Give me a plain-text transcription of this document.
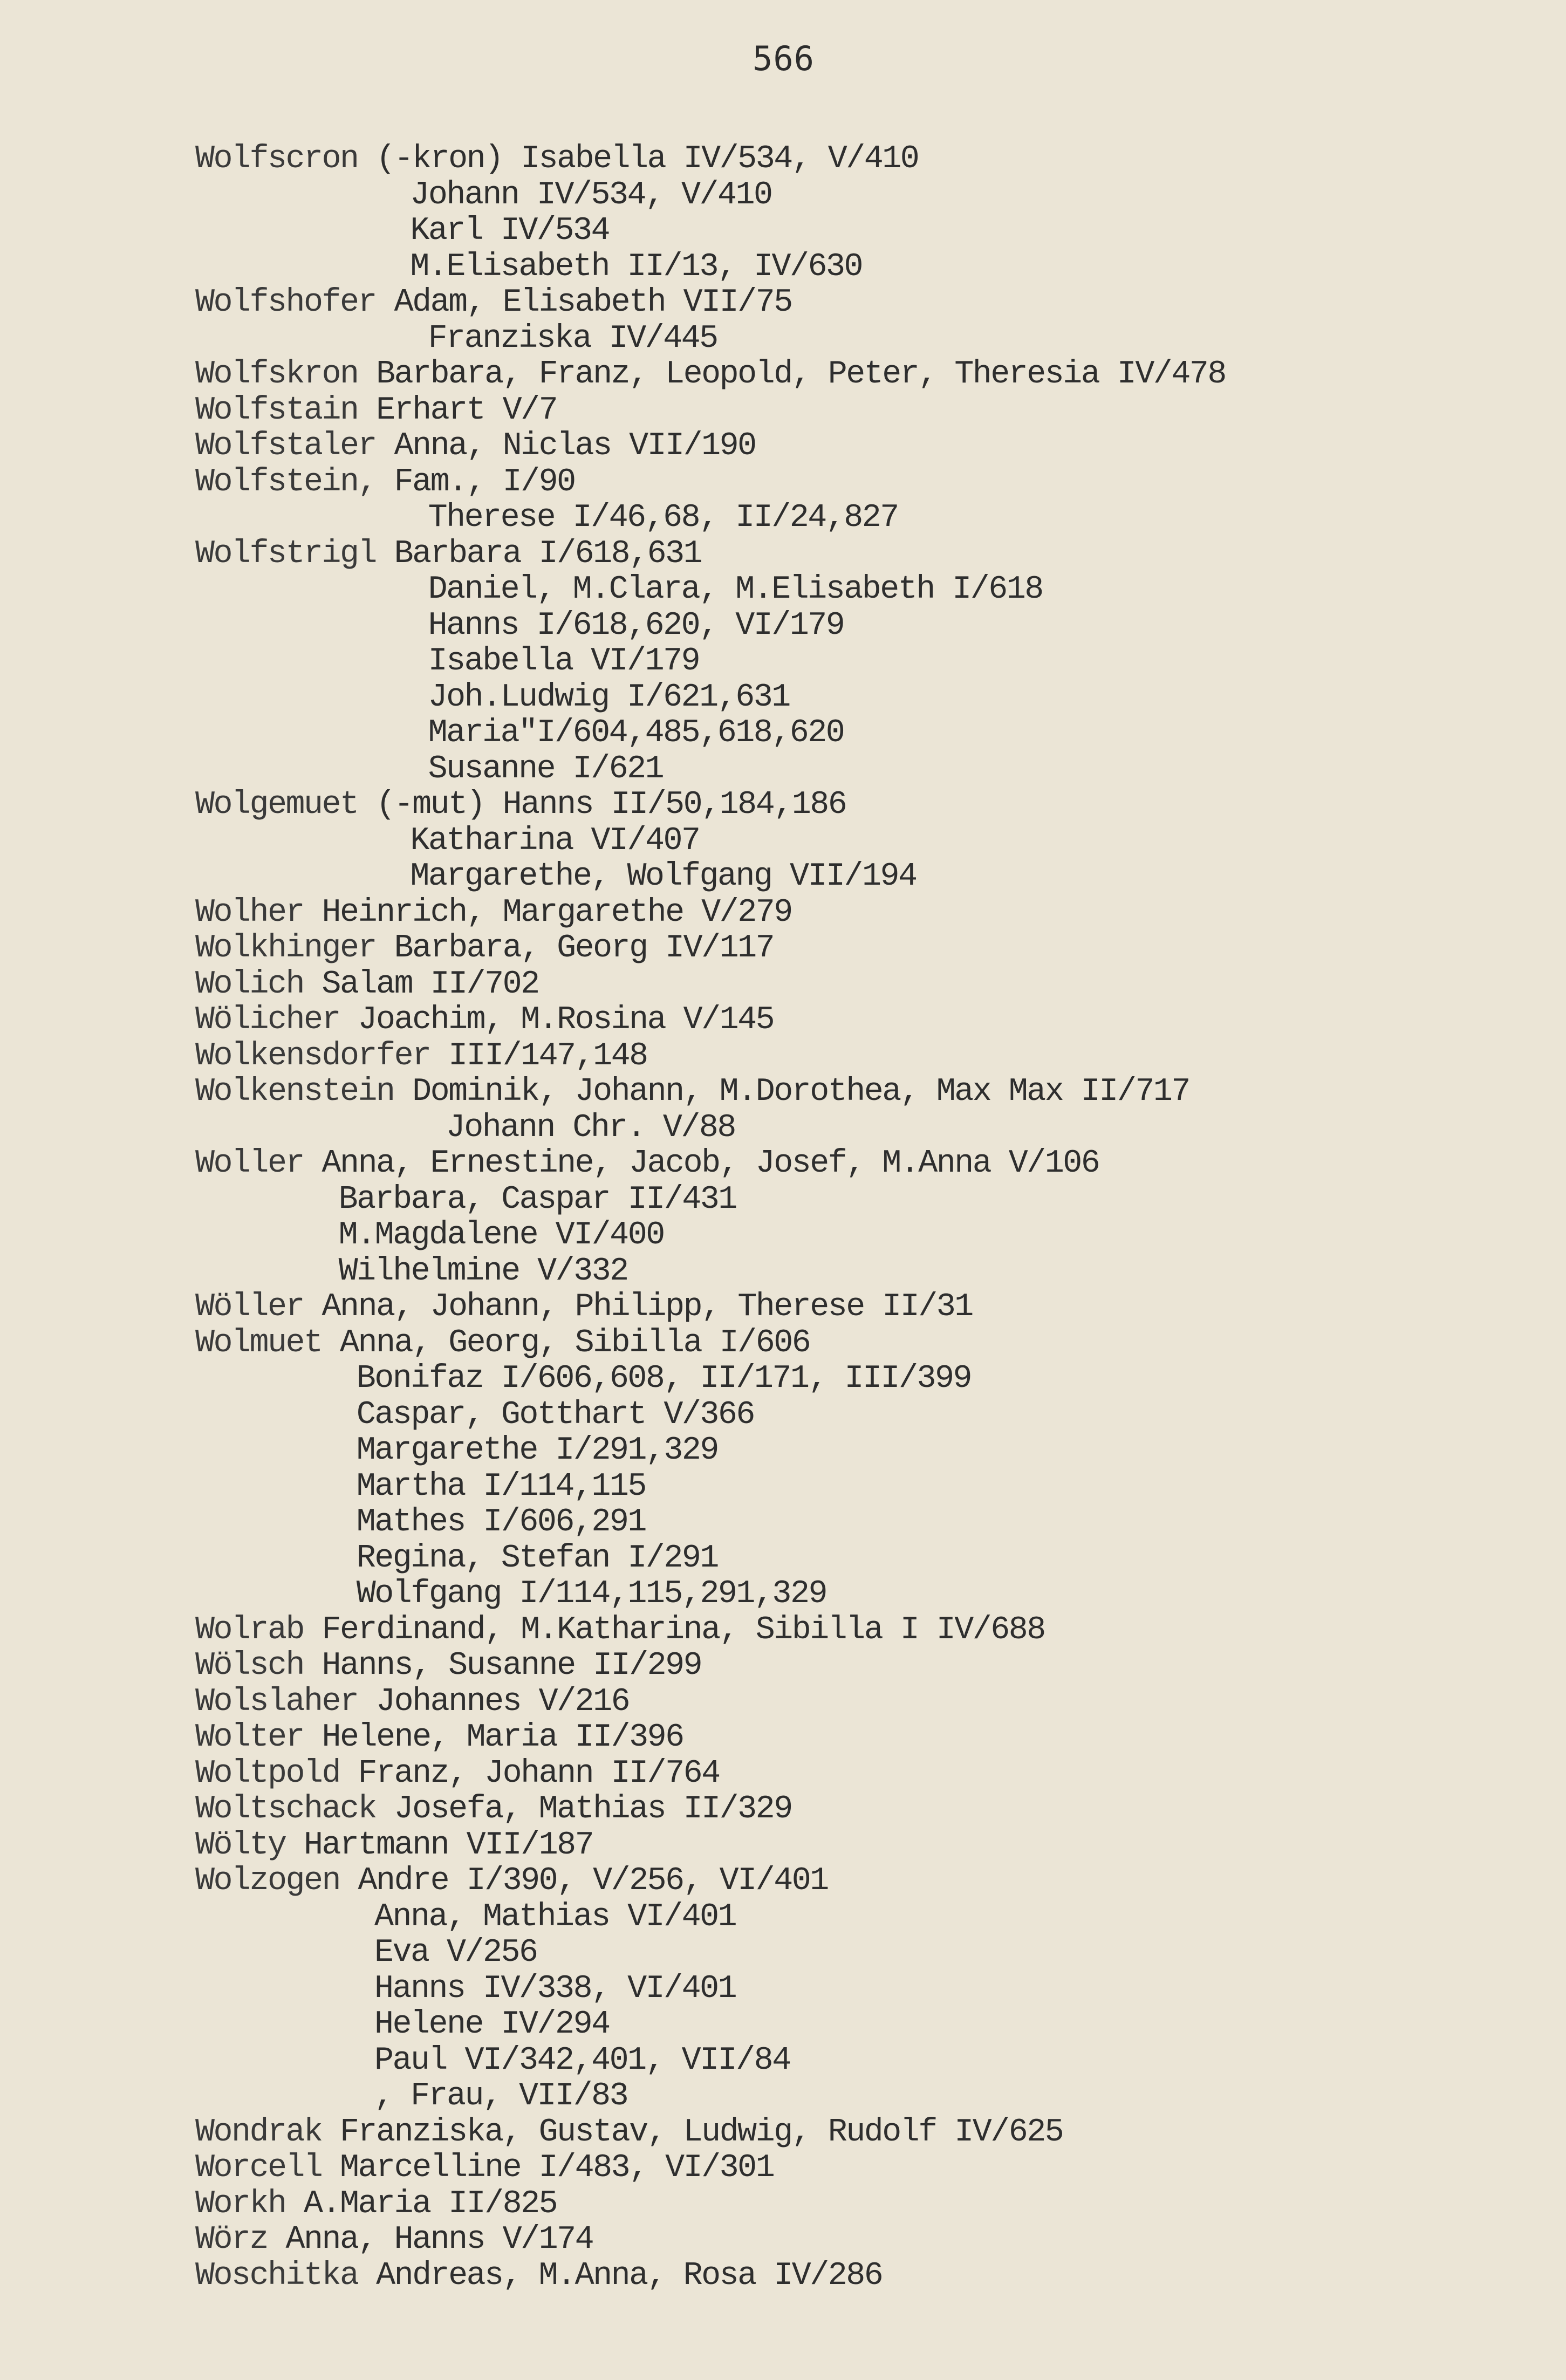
566
Wolfscron (-kron) Isabella IV/534, V/410
Johann IV/534, V/410
Karl IV/534
M.Elisabeth II/13, IV/630
Wolfshofer Adam, Elisabeth VII/75
Franziska IV/445
Wolfskron Barbara, Franz, Leopold, Peter, Theresia IV/478
Wolfstain Erhart V/7
Wolfstaler Anna, Niclas VII/190
Wolfstein, Fam., I/90
Therese I/46,68, II/24,827
Wolfstrigl Barbara I/618,631
Daniel, M.Clara, M.Elisabeth I/618
Hanns I/618,620, VI/179
Isabella VI/179
Joh.Ludwig I/621,631
Maria"I/604,485,618,620
Susanne I/621
Wolgemuet (-mut) Hanns II/50,184,186
Katharina VI/407
Margarethe, Wolfgang VII/194
Wolher Heinrich, Margarethe V/279
Wolkhinger Barbara, Georg IV/117
Wolich Salam II/702
Wölicher Joachim, M.Rosina V/145
Wolkensdorfer III/147,148
Wolkenstein Dominik, Johann, M.Dorothea, Max Max II/717
Johann Chr. V/88
Woller Anna, Ernestine, Jacob, Josef, M.Anna V/106
Barbara, Caspar II/431
M.Magdalene VI/400
Wilhelmine V/332
Wöller Anna, Johann, Philipp, Therese II/31
Wolmuet Anna, Georg, Sibilla I/606
Bonifaz I/606,608, II/171, III/399
Caspar, Gotthart V/366
Margarethe I/291,329
Martha I/114,115
Mathes I/606,291
Regina, Stefan I/291
Wolfgang I/114,115,291,329
Wolrab Ferdinand, M.Katharina, Sibilla I IV/688
Wölsch Hanns, Susanne II/299
Wolslaher Johannes V/216
Wolter Helene, Maria II/396
Woltpold Franz, Johann II/764
Woltschack Josefa, Mathias II/329
Wölty Hartmann VII/187
Wolzogen Andre I/390, V/256, VI/401
Anna, Mathias VI/401
Eva V/256
Hanns IV/338, VI/401
Helene IV/294
Paul VI/342,401, VII/84
, Frau, VII/83
Wondrak Franziska, Gustav, Ludwig, Rudolf IV/625
Worcell Marcelline I/483, VI/301
Workh A.Maria II/825
Wörz Anna, Hanns V/174
Woschitka Andreas, M.Anna, Rosa IV/286
